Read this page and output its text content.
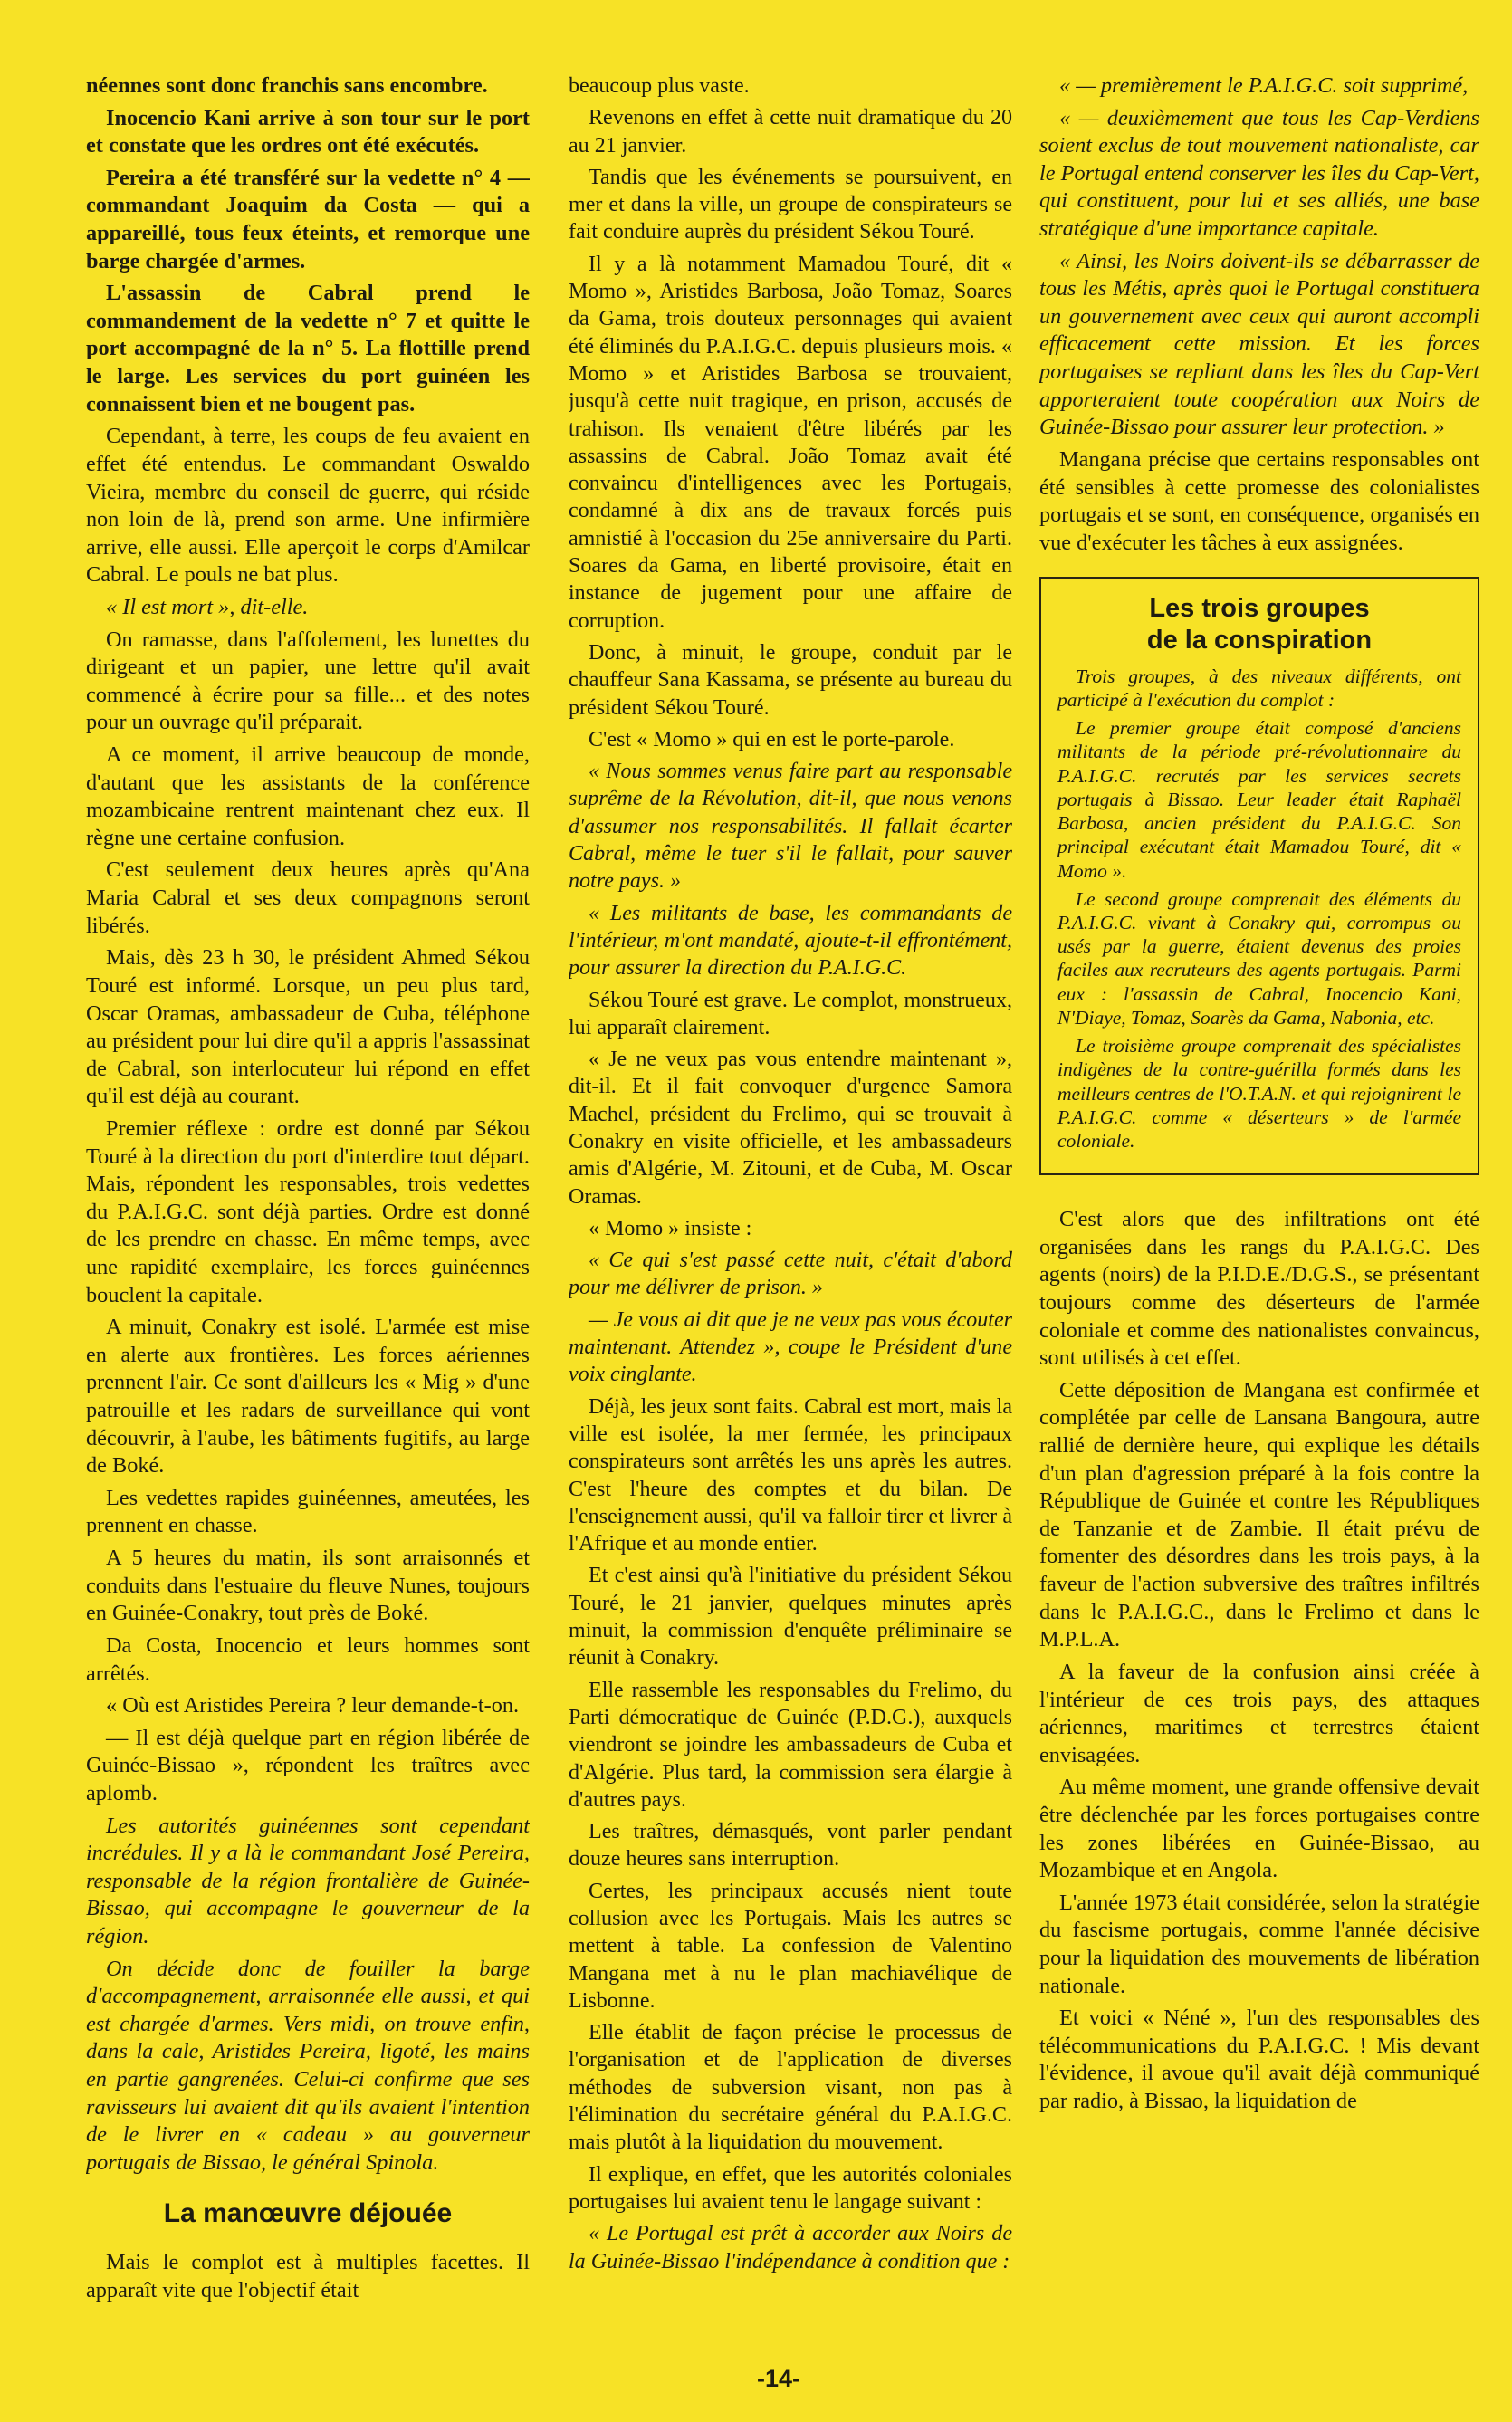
néennes sont donc franchis sans encombre.

Inocencio Kani arrive à son tour sur le port et constate que les ordres ont été exécutés.

Pereira a été transféré sur la vedette n° 4 — commandant Joaquim da Costa — qui a appareillé, tous feux éteints, et remorque une barge chargée d'armes.

L'assassin de Cabral prend le commandement de la vedette n° 7 et quitte le port accompagné de la n° 5. La flottille prend le large. Les services du port guinéen les connaissent bien et ne bougent pas.

Cependant, à terre, les coups de feu avaient en effet été entendus. Le commandant Oswaldo Vieira, membre du conseil de guerre, qui réside non loin de là, prend son arme. Une infirmière arrive, elle aussi. Elle aperçoit le corps d'Amilcar Cabral. Le pouls ne bat plus.

« Il est mort », dit-elle.

On ramasse, dans l'affolement, les lunettes du dirigeant et un papier, une lettre qu'il avait commencé à écrire pour sa fille... et des notes pour un ouvrage qu'il préparait.

A ce moment, il arrive beaucoup de monde, d'autant que les assistants de la conférence mozambicaine rentrent maintenant chez eux. Il règne une certaine confusion.

C'est seulement deux heures après qu'Ana Maria Cabral et ses deux compagnons seront libérés.

Mais, dès 23 h 30, le président Ahmed Sékou Touré est informé. Lorsque, un peu plus tard, Oscar Oramas, ambassadeur de Cuba, téléphone au président pour lui dire qu'il a appris l'assassinat de Cabral, son interlocuteur lui répond en effet qu'il est déjà au courant.

Premier réflexe : ordre est donné par Sékou Touré à la direction du port d'interdire tout départ. Mais, répondent les responsables, trois vedettes du P.A.I.G.C. sont déjà parties. Ordre est donné de les prendre en chasse. En même temps, avec une rapidité exemplaire, les forces guinéennes bouclent la capitale.

A minuit, Conakry est isolé. L'armée est mise en alerte aux frontières. Les forces aériennes prennent l'air. Ce sont d'ailleurs les « Mig » d'une patrouille et les radars de surveillance qui vont découvrir, à l'aube, les bâtiments fugitifs, au large de Boké.

Les vedettes rapides guinéennes, ameutées, les prennent en chasse.

A 5 heures du matin, ils sont arraisonnés et conduits dans l'estuaire du fleuve Nunes, toujours en Guinée-Conakry, tout près de Boké.

Da Costa, Inocencio et leurs hommes sont arrêtés.

« Où est Aristides Pereira ? leur demande-t-on.

— Il est déjà quelque part en région libérée de Guinée-Bissao », répondent les traîtres avec aplomb.

Les autorités guinéennes sont cependant incrédules. Il y a là le commandant José Pereira, responsable de la région frontalière de Guinée-Bissao, qui accompagne le gouverneur de la région.

On décide donc de fouiller la barge d'accompagnement, arraisonnée elle aussi, et qui est chargée d'armes. Vers midi, on trouve enfin, dans la cale, Aristides Pereira, ligoté, les mains en partie gangrenées. Celui-ci confirme que ses ravisseurs lui avaient dit qu'ils avaient l'intention de le livrer en « cadeau » au gouverneur portugais de Bissao, le général Spinola.

La manœuvre déjouée

Mais le complot est à multiples facettes. Il apparaît vite que l'objectif était

beaucoup plus vaste.

Revenons en effet à cette nuit dramatique du 20 au 21 janvier.

Tandis que les événements se poursuivent, en mer et dans la ville, un groupe de conspirateurs se fait conduire auprès du président Sékou Touré.

Il y a là notamment Mamadou Touré, dit « Momo », Aristides Barbosa, João Tomaz, Soares da Gama, trois douteux personnages qui avaient été éliminés du P.A.I.G.C. depuis plusieurs mois. « Momo » et Aristides Barbosa se trouvaient, jusqu'à cette nuit tragique, en prison, accusés de trahison. Ils venaient d'être libérés par les assassins de Cabral. João Tomaz avait été convaincu d'intelligences avec les Portugais, condamné à dix ans de travaux forcés puis amnistié à l'occasion du 25e anniversaire du Parti. Soares da Gama, en liberté provisoire, était en instance de jugement pour une affaire de corruption.

Donc, à minuit, le groupe, conduit par le chauffeur Sana Kassama, se présente au bureau du président Sékou Touré.

C'est « Momo » qui en est le porte-parole.

« Nous sommes venus faire part au responsable suprême de la Révolution, dit-il, que nous venons d'assumer nos responsabilités. Il fallait écarter Cabral, même le tuer s'il le fallait, pour sauver notre pays. »

« Les militants de base, les commandants de l'intérieur, m'ont mandaté, ajoute-t-il effrontément, pour assurer la direction du P.A.I.G.C.

Sékou Touré est grave. Le complot, monstrueux, lui apparaît clairement.

« Je ne veux pas vous entendre maintenant », dit-il. Et il fait convoquer d'urgence Samora Machel, président du Frelimo, qui se trouvait à Conakry en visite officielle, et les ambassadeurs amis d'Algérie, M. Zitouni, et de Cuba, M. Oscar Oramas.

« Momo » insiste :

« Ce qui s'est passé cette nuit, c'était d'abord pour me délivrer de prison. »

— Je vous ai dit que je ne veux pas vous écouter maintenant. Attendez », coupe le Président d'une voix cinglante.

Déjà, les jeux sont faits. Cabral est mort, mais la ville est isolée, la mer fermée, les principaux conspirateurs sont arrêtés les uns après les autres. C'est l'heure des comptes et du bilan. De l'enseignement aussi, qu'il va falloir tirer et livrer à l'Afrique et au monde entier.

Et c'est ainsi qu'à l'initiative du président Sékou Touré, le 21 janvier, quelques minutes après minuit, la commission d'enquête préliminaire se réunit à Conakry.

Elle rassemble les responsables du Frelimo, du Parti démocratique de Guinée (P.D.G.), auxquels viendront se joindre les ambassadeurs de Cuba et d'Algérie. Plus tard, la commission sera élargie à d'autres pays.

Les traîtres, démasqués, vont parler pendant douze heures sans interruption.

Certes, les principaux accusés nient toute collusion avec les Portugais. Mais les autres se mettent à table. La confession de Valentino Mangana met à nu le plan machiavélique de Lisbonne.

Elle établit de façon précise le processus de l'organisation et de l'application de diverses méthodes de subversion visant, non pas à l'élimination du secrétaire général du P.A.I.G.C. mais plutôt à la liquidation du mouvement.

Il explique, en effet, que les autorités coloniales portugaises lui avaient tenu le langage suivant :

« Le Portugal est prêt à accorder aux Noirs de la Guinée-Bissao l'indépendance à condition que :

« — premièrement le P.A.I.G.C. soit supprimé,

« — deuxièmement que tous les Cap-Verdiens soient exclus de tout mouvement nationaliste, car le Portugal entend conserver les îles du Cap-Vert, qui constituent, pour lui et ses alliés, une base stratégique d'une importance capitale.

« Ainsi, les Noirs doivent-ils se débarrasser de tous les Métis, après quoi le Portugal constituera un gouvernement avec ceux qui auront accompli efficacement cette mission. Et les forces portugaises se repliant dans les îles du Cap-Vert apporteraient toute coopération aux Noirs de Guinée-Bissao pour assurer leur protection. »

Mangana précise que certains responsables ont été sensibles à cette promesse des colonialistes portugais et se sont, en conséquence, organisés en vue d'exécuter les tâches à eux assignées.

Les trois groupes
de la conspiration

Trois groupes, à des niveaux différents, ont participé à l'exécution du complot :

Le premier groupe était composé d'anciens militants de la période pré-révolutionnaire du P.A.I.G.C. recrutés par les services secrets portugais à Bissao. Leur leader était Raphaël Barbosa, ancien président du P.A.I.G.C. Son principal exécutant était Mamadou Touré, dit « Momo ».

Le second groupe comprenait des éléments du P.A.I.G.C. vivant à Conakry qui, corrompus ou usés par la guerre, étaient devenus des proies faciles aux recruteurs des agents portugais. Parmi eux : l'assassin de Cabral, Inocencio Kani, N'Diaye, Tomaz, Soarès da Gama, Nabonia, etc.

Le troisième groupe comprenait des spécialistes indigènes de la contre-guérilla formés dans les meilleurs centres de l'O.T.A.N. et qui rejoignirent le P.A.I.G.C. comme « déserteurs » de l'armée coloniale.

C'est alors que des infiltrations ont été organisées dans les rangs du P.A.I.G.C. Des agents (noirs) de la P.I.D.E./D.G.S., se présentant toujours comme des déserteurs de l'armée coloniale et comme des nationalistes convaincus, sont utilisés à cet effet.

Cette déposition de Mangana est confirmée et complétée par celle de Lansana Bangoura, autre rallié de dernière heure, qui explique les détails d'un plan d'agression préparé à la fois contre la République de Guinée et contre les Républiques de Tanzanie et de Zambie. Il était prévu de fomenter des désordres dans les trois pays, à la faveur de l'action subversive des traîtres infiltrés dans le P.A.I.G.C., dans le Frelimo et dans le M.P.L.A.

A la faveur de la confusion ainsi créée à l'intérieur de ces trois pays, des attaques aériennes, maritimes et terrestres étaient envisagées.

Au même moment, une grande offensive devait être déclenchée par les forces portugaises contre les zones libérées en Guinée-Bissao, au Mozambique et en Angola.

L'année 1973 était considérée, selon la stratégie du fascisme portugais, comme l'année décisive pour la liquidation des mouvements de libération nationale.

Et voici « Néné », l'un des responsables des télécommunications du P.A.I.G.C. ! Mis devant l'évidence, il avoue qu'il avait déjà communiqué par radio, à Bissao, la liquidation de

-14-
